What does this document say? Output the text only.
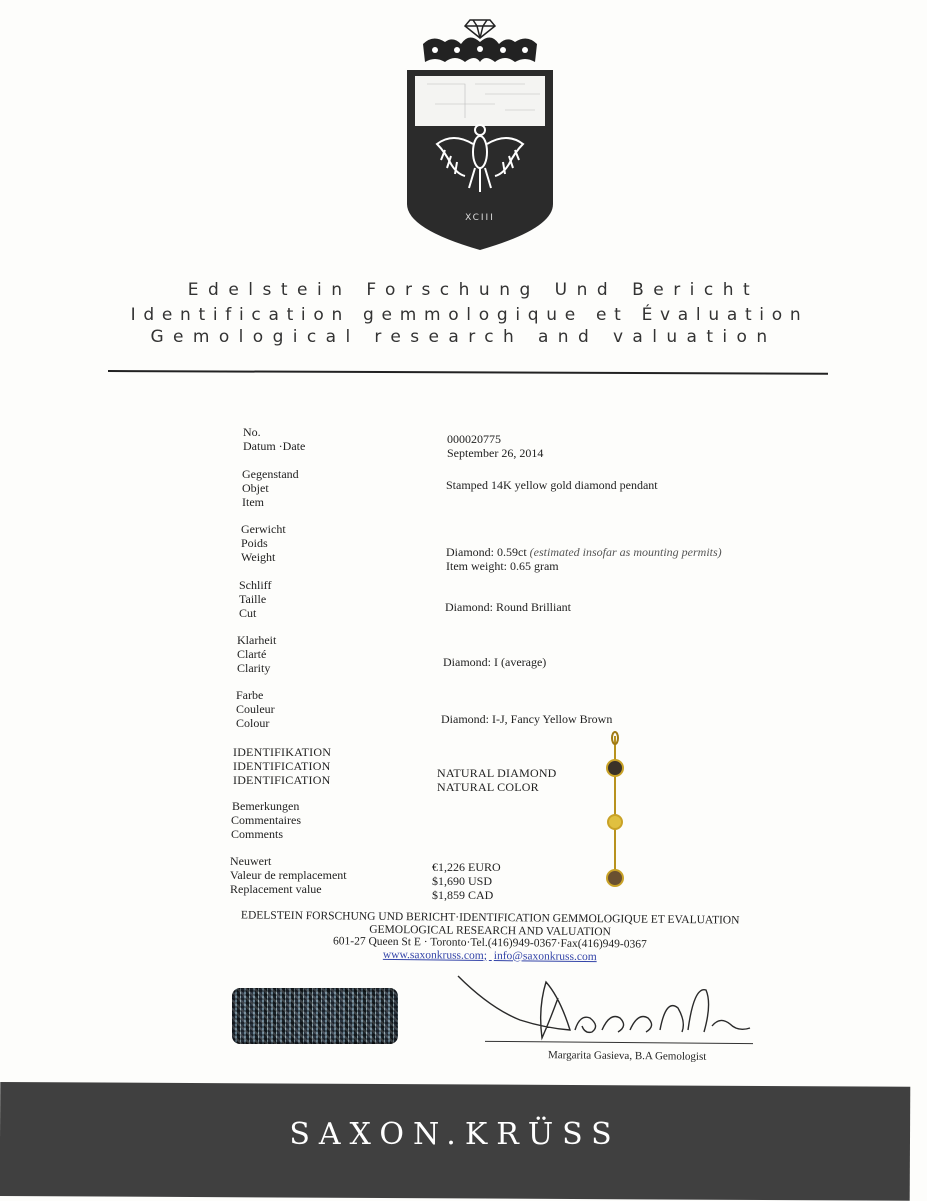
XCIII
Edelstein Forschung Und Bericht
Identification gemmologique et Évaluation
Gemological research and valuation
No.
Datum ·Date
Gegenstand
Objet
Item
Gerwicht
Poids
Weight
Schliff
Taille
Cut
Klarheit
Clarté
Clarity
Farbe
Couleur
Colour
IDENTIFIKATION
IDENTIFICATION
IDENTIFICATION
Bemerkungen
Commentaires
Comments
Neuwert
Valeur de remplacement
Replacement value
000020775
September 26, 2014
Stamped 14K yellow gold diamond pendant
Diamond: 0.59ct (estimated insofar as mounting permits)
Item weight: 0.65 gram
Diamond: Round Brilliant
Diamond: I (average)
Diamond: I-J, Fancy Yellow Brown
NATURAL DIAMOND
NATURAL COLOR
€1,226 EURO
$1,690 USD
$1,859 CAD
EDELSTEIN FORSCHUNG UND BERICHT·IDENTIFICATION GEMMOLOGIQUE ET EVALUATION
GEMOLOGICAL RESEARCH AND VALUATION
601-27 Queen St E · Toronto·Tel.(416)949-0367·Fax(416)949-0367
www.saxonkruss.com; info@saxonkruss.com
Margarita Gasieva, B.A Gemologist
SAXON.KRÜSS
